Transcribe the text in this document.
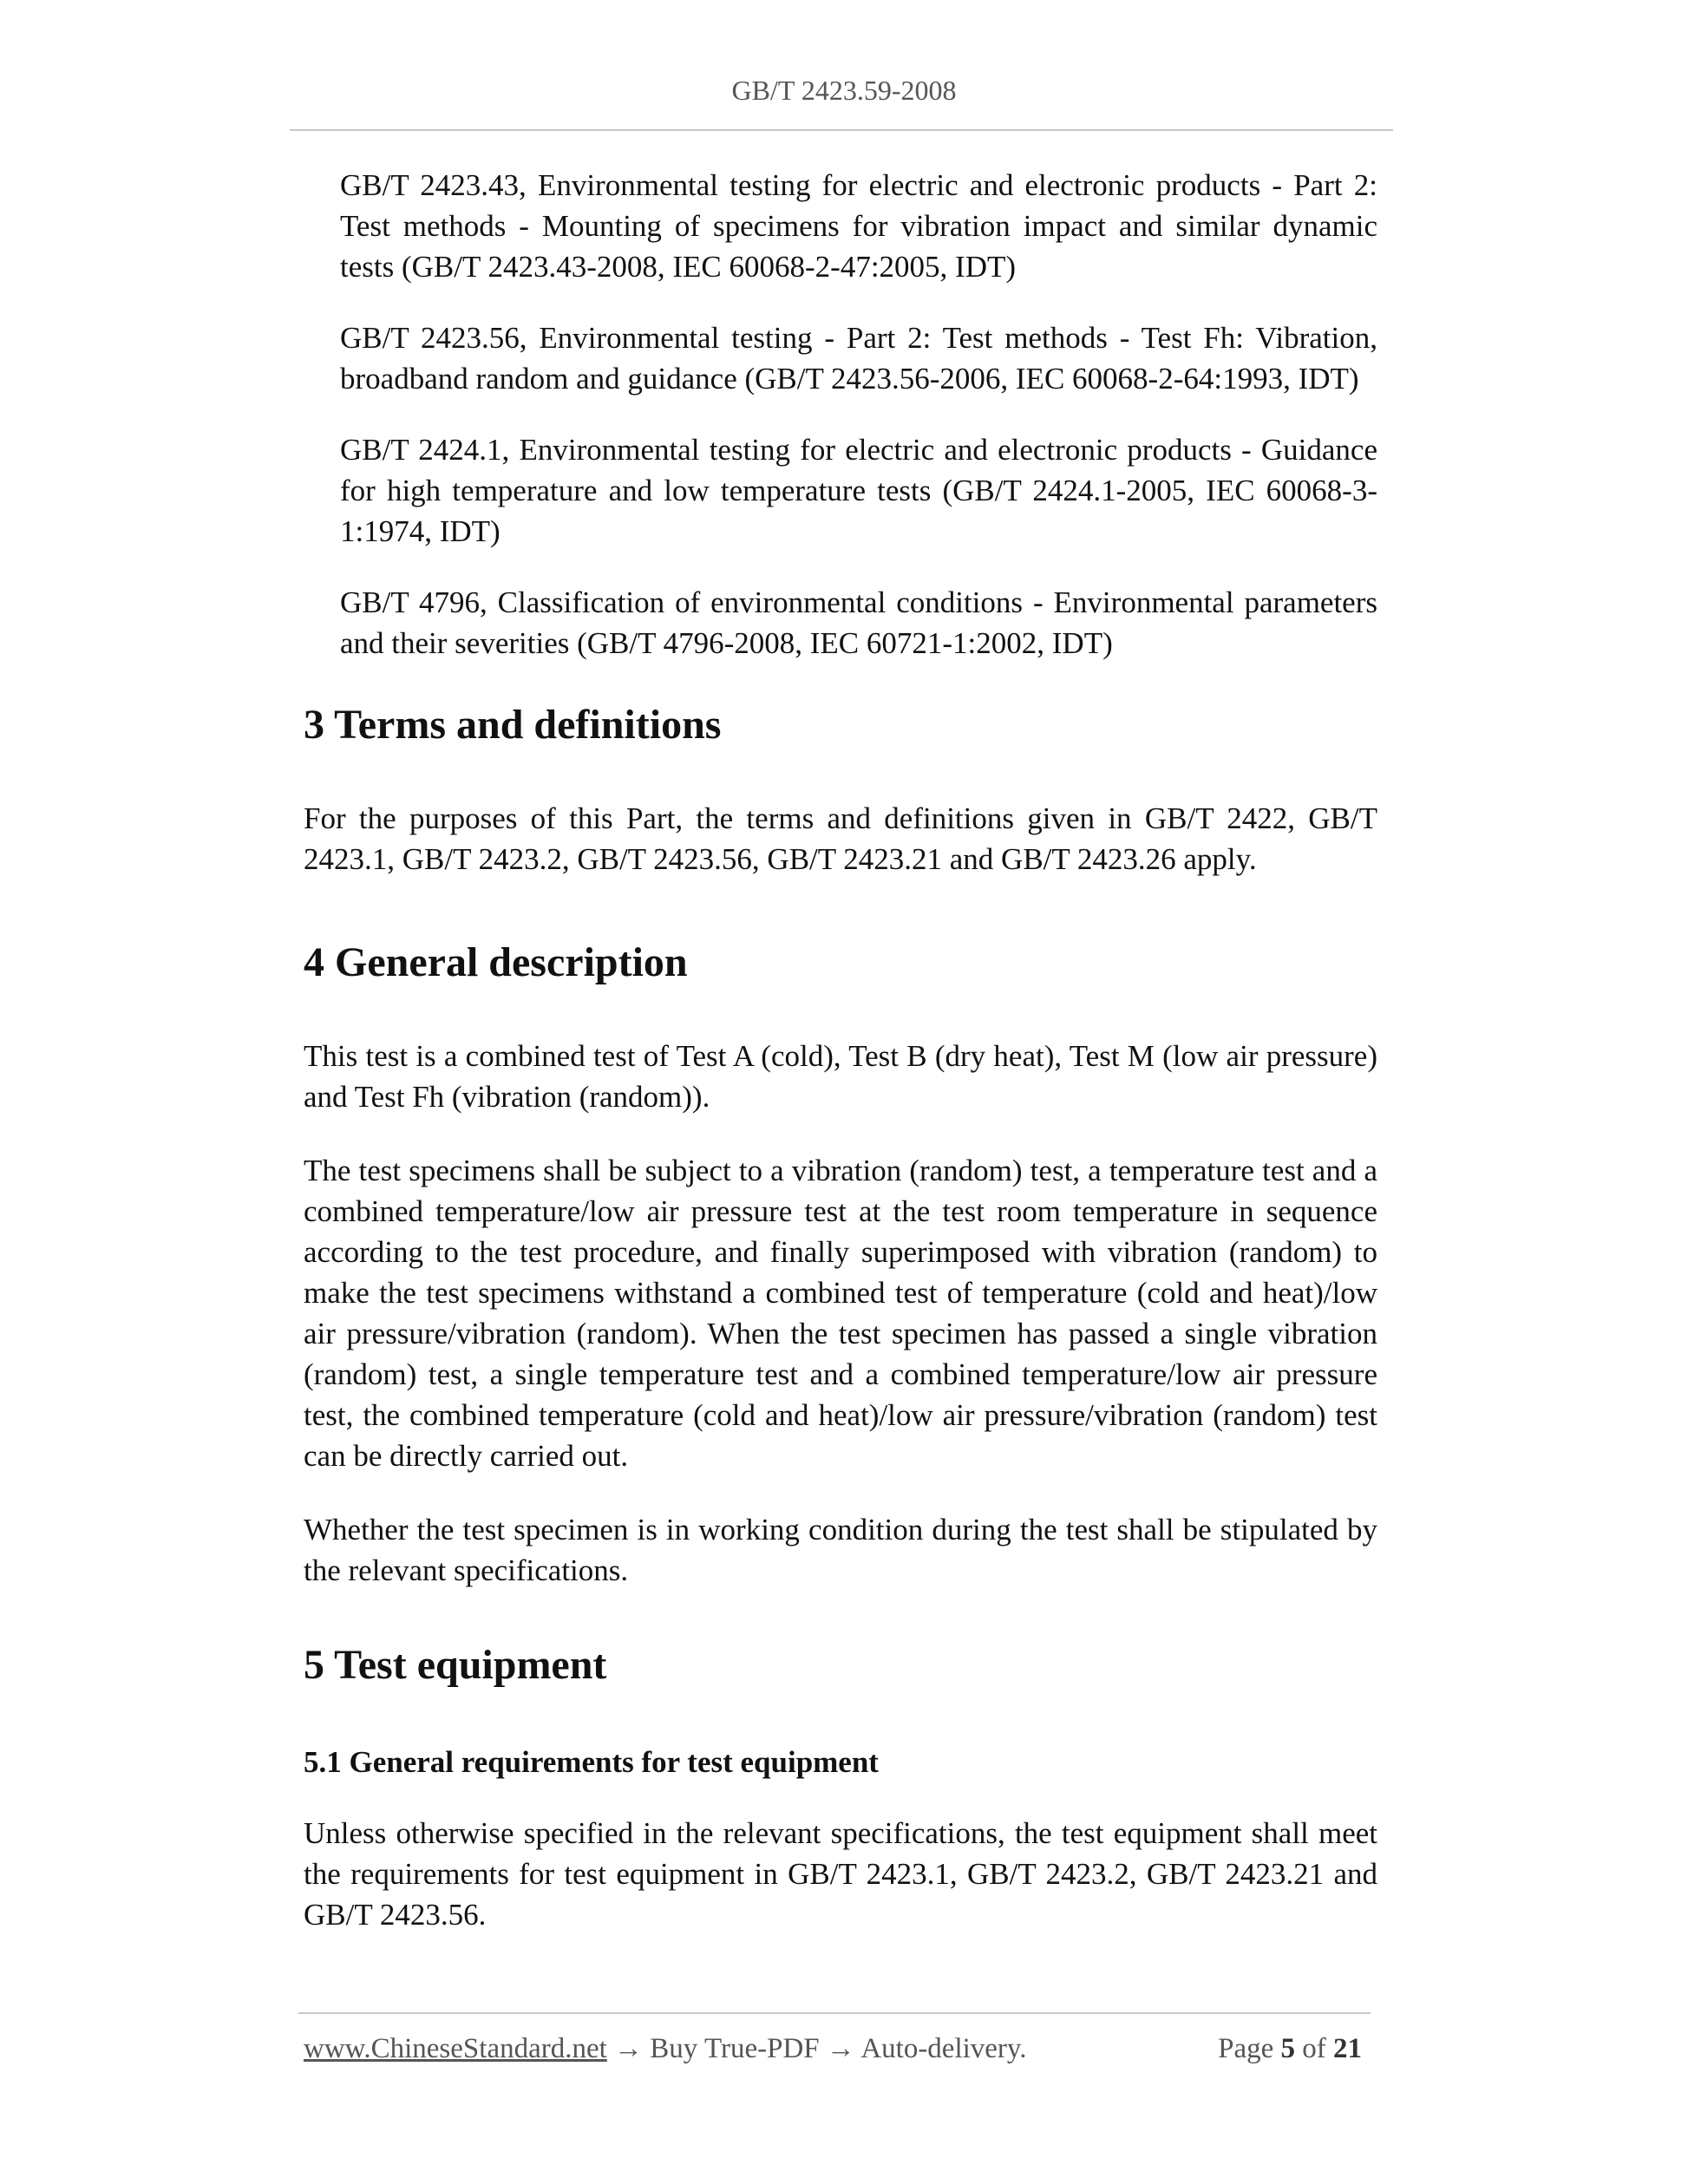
GB/T 2423.59-2008

GB/T 2423.43, Environmental testing for electric and electronic products - Part 2: Test methods - Mounting of specimens for vibration impact and similar dynamic tests (GB/T 2423.43-2008, IEC 60068-2-47:2005, IDT)

GB/T 2423.56, Environmental testing - Part 2: Test methods - Test Fh: Vibration, broadband random and guidance (GB/T 2423.56-2006, IEC 60068-2-64:1993, IDT)

GB/T 2424.1, Environmental testing for electric and electronic products - Guidance for high temperature and low temperature tests (GB/T 2424.1-2005, IEC 60068-3-1:1974, IDT)

GB/T 4796, Classification of environmental conditions - Environmental parameters and their severities (GB/T 4796-2008, IEC 60721-1:2002, IDT)

3 Terms and definitions

For the purposes of this Part, the terms and definitions given in GB/T 2422, GB/T 2423.1, GB/T 2423.2, GB/T 2423.56, GB/T 2423.21 and GB/T 2423.26 apply.

4 General description

This test is a combined test of Test A (cold), Test B (dry heat), Test M (low air pressure) and Test Fh (vibration (random)).

The test specimens shall be subject to a vibration (random) test, a temperature test and a combined temperature/low air pressure test at the test room temperature in sequence according to the test procedure, and finally superimposed with vibration (random) to make the test specimens withstand a combined test of temperature (cold and heat)/low air pressure/vibration (random). When the test specimen has passed a single vibration (random) test, a single temperature test and a combined temperature/low air pressure test, the combined temperature (cold and heat)/low air pressure/vibration (random) test can be directly carried out.

Whether the test specimen is in working condition during the test shall be stipulated by the relevant specifications.

5 Test equipment
5.1 General requirements for test equipment

Unless otherwise specified in the relevant specifications, the test equipment shall meet the requirements for test equipment in GB/T 2423.1, GB/T 2423.2, GB/T 2423.21 and GB/T 2423.56.

www.ChineseStandard.net → Buy True-PDF → Auto-delivery.	Page 5 of 21
